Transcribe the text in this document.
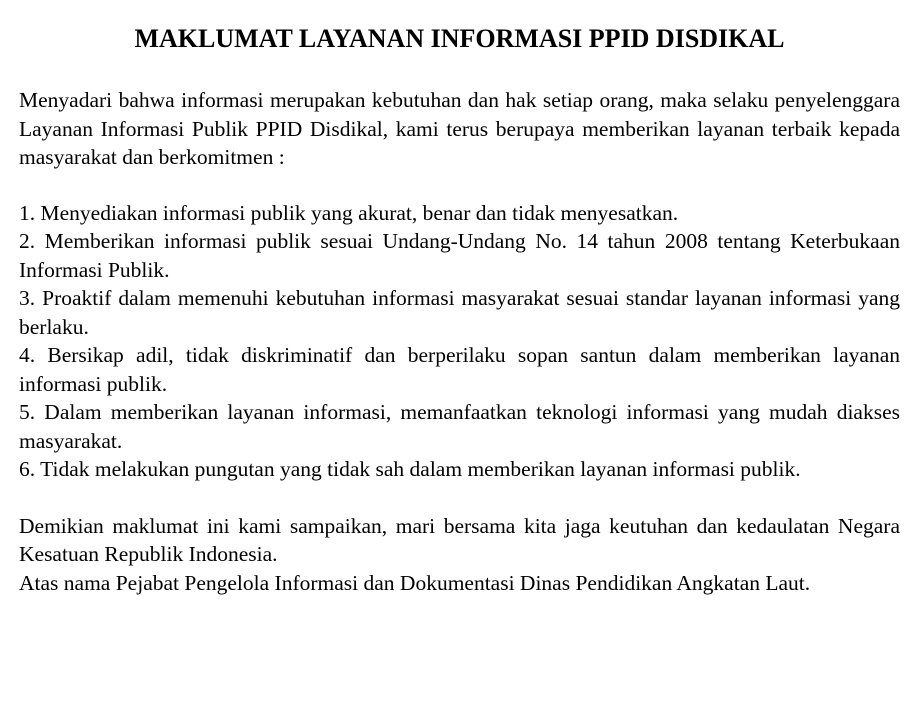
MAKLUMAT LAYANAN INFORMASI PPID DISDIKAL

Menyadari bahwa informasi merupakan kebutuhan dan hak setiap orang, maka selaku penyelenggara Layanan Informasi Publik PPID Disdikal, kami terus berupaya memberikan layanan terbaik kepada masyarakat dan berkomitmen :

1. Menyediakan informasi publik yang akurat, benar dan tidak menyesatkan.

2. Memberikan informasi publik sesuai Undang-Undang No. 14 tahun 2008 tentang Keterbukaan Informasi Publik.

3. Proaktif dalam memenuhi kebutuhan informasi masyarakat sesuai standar layanan informasi yang berlaku.

4. Bersikap adil, tidak diskriminatif dan berperilaku sopan santun dalam memberikan layanan informasi publik.

5. Dalam memberikan layanan informasi, memanfaatkan teknologi informasi yang mudah diakses masyarakat.

6. Tidak melakukan pungutan yang tidak sah dalam memberikan layanan informasi publik.

Demikian maklumat ini kami sampaikan, mari bersama kita jaga keutuhan dan kedaulatan Negara Kesatuan Republik Indonesia.

Atas nama Pejabat Pengelola Informasi dan Dokumentasi Dinas Pendidikan Angkatan Laut.
